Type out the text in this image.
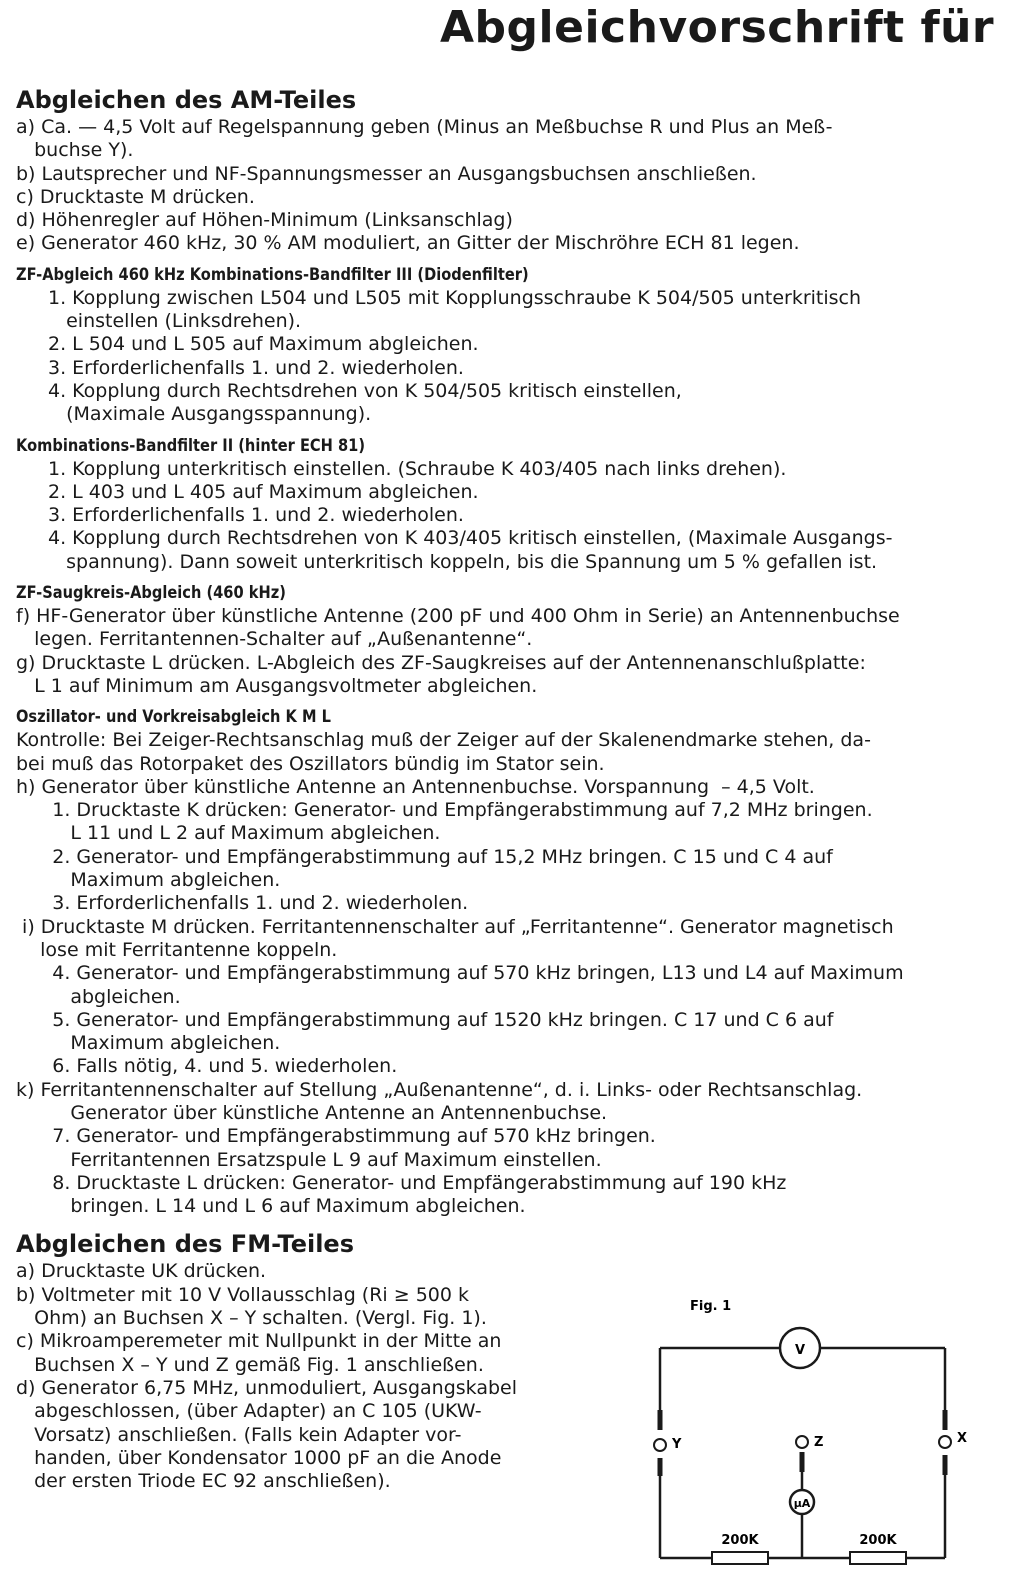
Abgleichvorschrift für
Abgleichen des AM-Teiles
a) Ca. — 4,5 Volt auf Regelspannung geben (Minus an Meßbuchse R und Plus an Meß-
buchse Y).
b) Lautsprecher und NF-Spannungsmesser an Ausgangsbuchsen anschließen.
c) Drucktaste M drücken.
d) Höhenregler auf Höhen-Minimum (Linksanschlag)
e) Generator 460 kHz, 30 % AM moduliert, an Gitter der Mischröhre ECH 81 legen.
ZF-Abgleich 460 kHz Kombinations-Bandfilter III (Diodenfilter)
1. Kopplung zwischen L504 und L505 mit Kopplungsschraube K 504/505 unterkritisch
einstellen (Linksdrehen).
2. L 504 und L 505 auf Maximum abgleichen.
3. Erforderlichenfalls 1. und 2. wiederholen.
4. Kopplung durch Rechtsdrehen von K 504/505 kritisch einstellen,
(Maximale Ausgangsspannung).
Kombinations-Bandfilter II (hinter ECH 81)
1. Kopplung unterkritisch einstellen. (Schraube K 403/405 nach links drehen).
2. L 403 und L 405 auf Maximum abgleichen.
3. Erforderlichenfalls 1. und 2. wiederholen.
4. Kopplung durch Rechtsdrehen von K 403/405 kritisch einstellen, (Maximale Ausgangs-
spannung). Dann soweit unterkritisch koppeln, bis die Spannung um 5 % gefallen ist.
ZF-Saugkreis-Abgleich (460 kHz)
f) HF-Generator über künstliche Antenne (200 pF und 400 Ohm in Serie) an Antennenbuchse
legen. Ferritantennen-Schalter auf „Außenantenne“.
g) Drucktaste L drücken. L-Abgleich des ZF-Saugkreises auf der Antennenanschlußplatte:
L 1 auf Minimum am Ausgangsvoltmeter abgleichen.
Oszillator- und Vorkreisabgleich K M L
Kontrolle: Bei Zeiger-Rechtsanschlag muß der Zeiger auf der Skalenendmarke stehen, da-
bei muß das Rotorpaket des Oszillators bündig im Stator sein.
h) Generator über künstliche Antenne an Antennenbuchse. Vorspannung  – 4,5 Volt.
1. Drucktaste K drücken: Generator- und Empfängerabstimmung auf 7,2 MHz bringen.
L 11 und L 2 auf Maximum abgleichen.
2. Generator- und Empfängerabstimmung auf 15,2 MHz bringen. C 15 und C 4 auf
Maximum abgleichen.
3. Erforderlichenfalls 1. und 2. wiederholen.
i) Drucktaste M drücken. Ferritantennenschalter auf „Ferritantenne“. Generator magnetisch
lose mit Ferritantenne koppeln.
4. Generator- und Empfängerabstimmung auf 570 kHz bringen, L13 und L4 auf Maximum
abgleichen.
5. Generator- und Empfängerabstimmung auf 1520 kHz bringen. C 17 und C 6 auf
Maximum abgleichen.
6. Falls nötig, 4. und 5. wiederholen.
k) Ferritantennenschalter auf Stellung „Außenantenne“, d. i. Links- oder Rechtsanschlag.
Generator über künstliche Antenne an Antennenbuchse.
7. Generator- und Empfängerabstimmung auf 570 kHz bringen.
Ferritantennen Ersatzspule L 9 auf Maximum einstellen.
8. Drucktaste L drücken: Generator- und Empfängerabstimmung auf 190 kHz
bringen. L 14 und L 6 auf Maximum abgleichen.
Abgleichen des FM-Teiles
a) Drucktaste UK drücken.
b) Voltmeter mit 10 V Vollausschlag (Ri ≥ 500 k
Ohm) an Buchsen X – Y schalten. (Vergl. Fig. 1).
c) Mikroamperemeter mit Nullpunkt in der Mitte an
Buchsen X – Y und Z gemäß Fig. 1 anschließen.
d) Generator 6,75 MHz, unmoduliert, Ausgangskabel
abgeschlossen, (über Adapter) an C 105 (UKW-
Vorsatz) anschließen. (Falls kein Adapter vor-
handen, über Kondensator 1000 pF an die Anode
der ersten Triode EC 92 anschließen).
Fig. 1
V
Y	X
Z
μA
200K	200K
